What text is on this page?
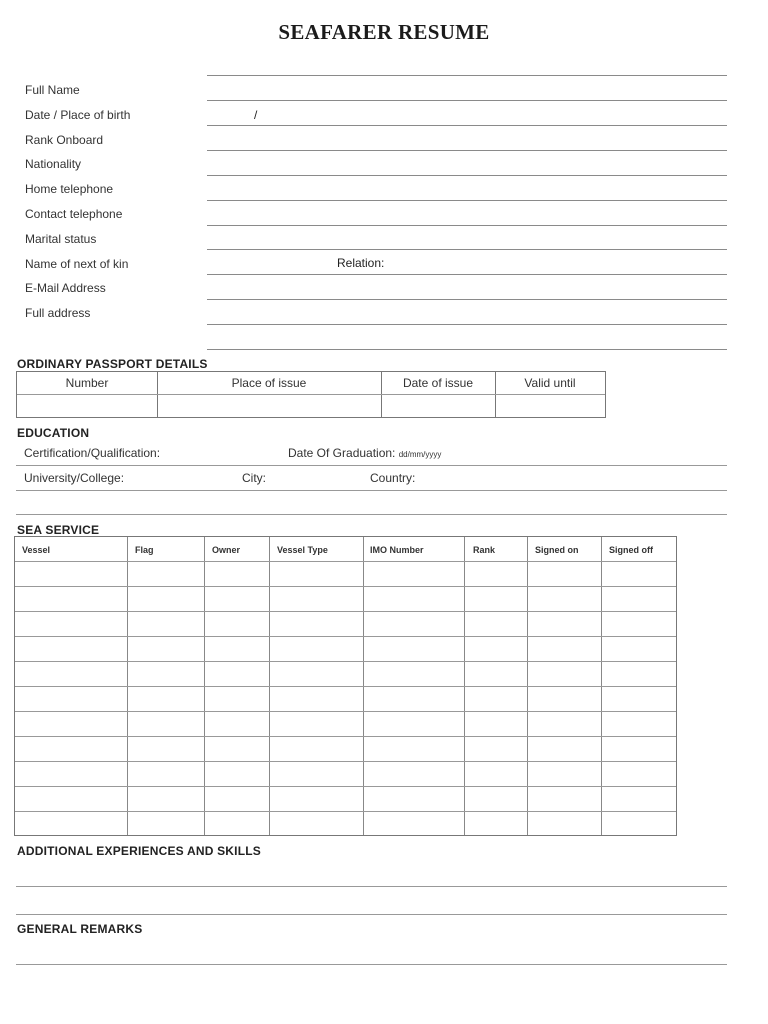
SEAFARER RESUME
Full Name
Date / Place of birth	/
Rank Onboard
Nationality
Home telephone
Contact telephone
Marital status
Name of next of kin	Relation:
E-Mail Address
Full address
ORDINARY PASSPORT DETAILS
Number	Place of issue	Date of issue	Valid until
EDUCATION
Certification/Qualification:	Date Of Graduation: dd/mm/yyyy
University/College:	City:	Country:
SEA SERVICE
Vessel	Flag	Owner	Vessel Type	IMO Number	Rank	Signed on	Signed off
ADDITIONAL EXPERIENCES AND SKILLS
GENERAL REMARKS
